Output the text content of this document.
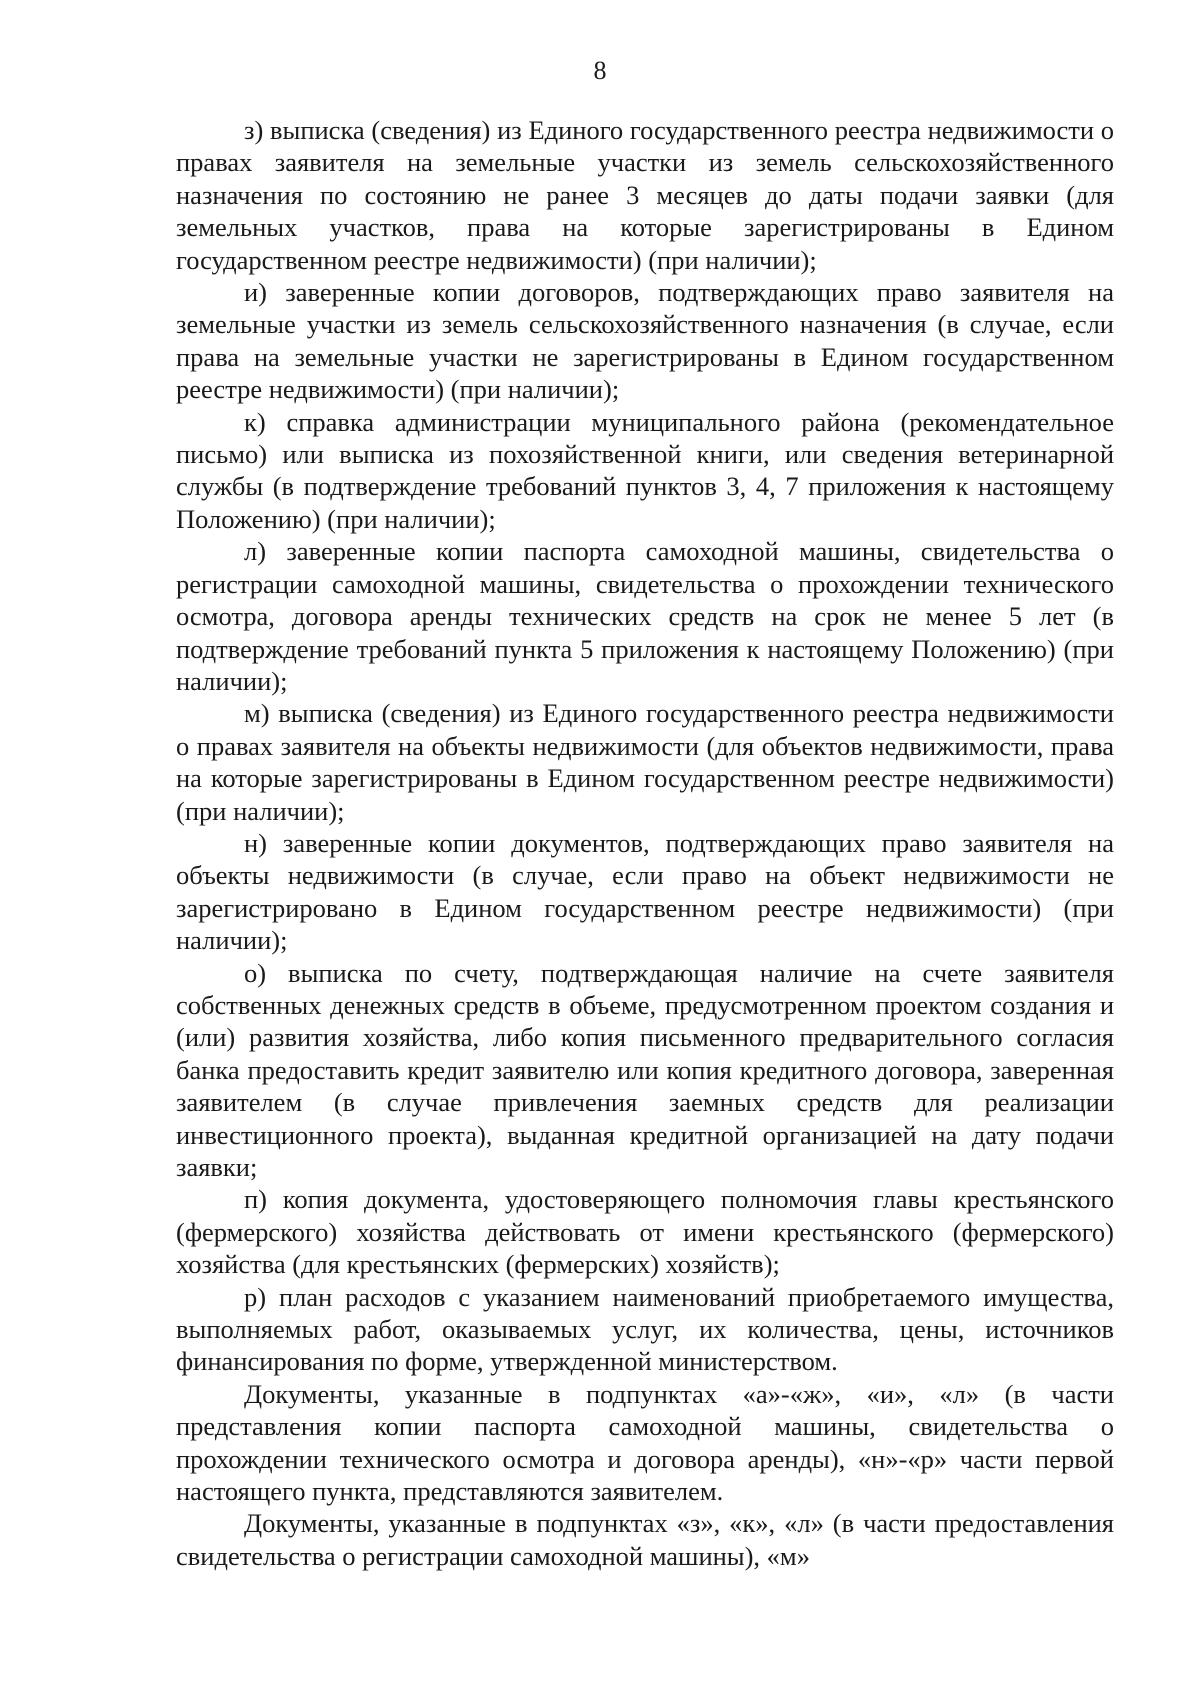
8

з) выписка (сведения) из Единого государственного реестра недвижимости о правах заявителя на земельные участки из земель сельскохозяйственного назначения по состоянию не ранее 3 месяцев до даты подачи заявки (для земельных участков, права на которые зарегистрированы в Едином государственном реестре недвижимости) (при наличии);

и) заверенные копии договоров, подтверждающих право заявителя на земельные участки из земель сельскохозяйственного назначения (в случае, если права на земельные участки не зарегистрированы в Едином государственном реестре недвижимости) (при наличии);

к) справка администрации муниципального района (рекомендательное письмо) или выписка из похозяйственной книги, или сведения ветеринарной службы (в подтверждение требований пунктов 3, 4, 7 приложения к настоящему Положению) (при наличии);

л) заверенные копии паспорта самоходной машины, свидетельства о регистрации самоходной машины, свидетельства о прохождении технического осмотра, договора аренды технических средств на срок не менее 5 лет (в подтверждение требований пункта 5 приложения к настоящему Положению) (при наличии);

м) выписка (сведения) из Единого государственного реестра недвижимости о правах заявителя на объекты недвижимости (для объектов недвижимости, права на которые зарегистрированы в Едином государственном реестре недвижимости) (при наличии);

н) заверенные копии документов, подтверждающих право заявителя на объекты недвижимости (в случае, если право на объект недвижимости не зарегистрировано в Едином государственном реестре недвижимости) (при наличии);

о) выписка по счету, подтверждающая наличие на счете заявителя собственных денежных средств в объеме, предусмотренном проектом создания и (или) развития хозяйства, либо копия письменного предварительного согласия банка предоставить кредит заявителю или копия кредитного договора, заверенная заявителем (в случае привлечения заемных средств для реализации инвестиционного проекта), выданная кредитной организацией на дату подачи заявки;

п) копия документа, удостоверяющего полномочия главы крестьянского (фермерского) хозяйства действовать от имени крестьянского (фермерского) хозяйства (для крестьянских (фермерских) хозяйств);

р) план расходов с указанием наименований приобретаемого имущества, выполняемых работ, оказываемых услуг, их количества, цены, источников финансирования по форме, утвержденной министерством.

Документы, указанные в подпунктах «а»-«ж», «и», «л» (в части представления копии паспорта самоходной машины, свидетельства о прохождении технического осмотра и договора аренды), «н»-«р» части первой настоящего пункта, представляются заявителем.

Документы, указанные в подпунктах «з», «к», «л» (в части предоставления свидетельства о регистрации самоходной машины), «м»
